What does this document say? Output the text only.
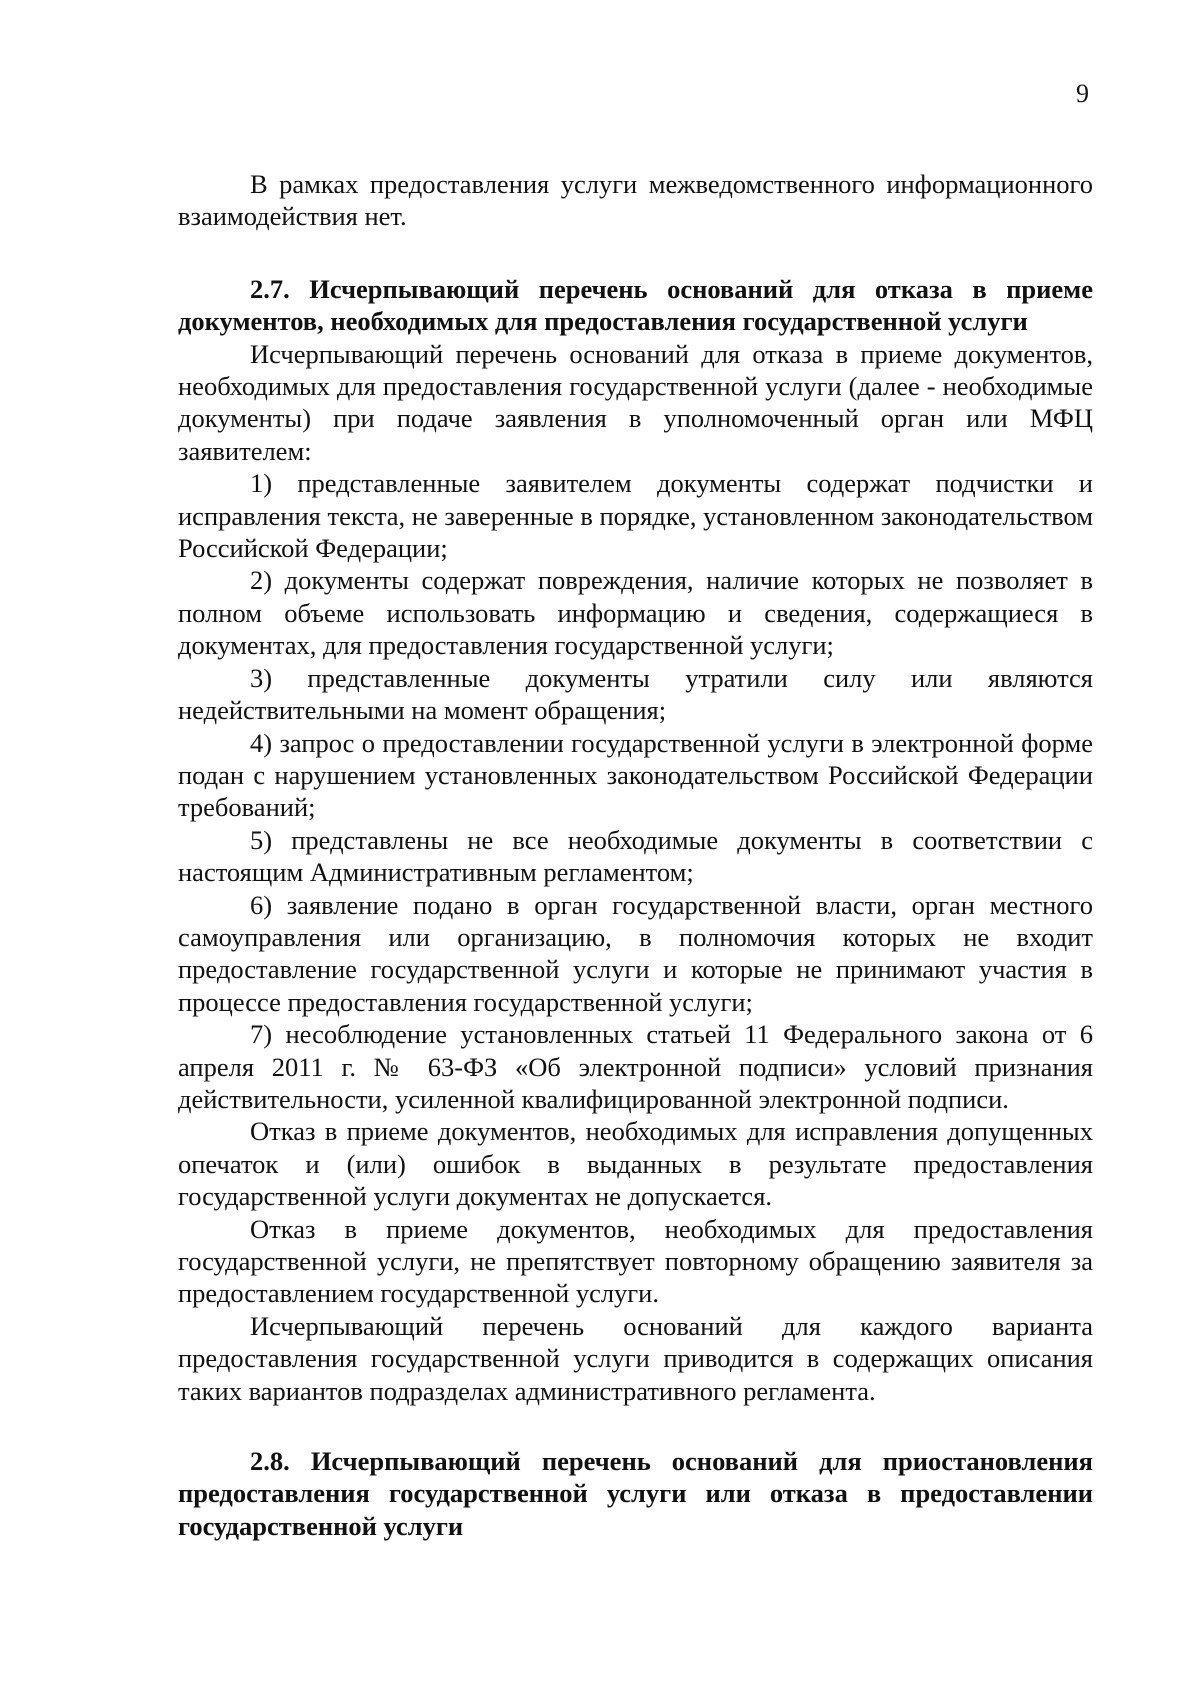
9

В рамках предоставления услуги межведомственного информационного взаимодействия нет.

2.7. Исчерпывающий перечень оснований для отказа в приеме документов, необходимых для предоставления государственной услуги

Исчерпывающий перечень оснований для отказа в приеме документов, необходимых для предоставления государственной услуги (далее - необходимые документы) при подаче заявления в уполномоченный орган или МФЦ заявителем:

1) представленные заявителем документы содержат подчистки и исправления текста, не заверенные в порядке, установленном законодательством Российской Федерации;

2) документы содержат повреждения, наличие которых не позволяет в полном объеме использовать информацию и сведения, содержащиеся в документах, для предоставления государственной услуги;

3) представленные документы утратили силу или являются недействительными на момент обращения;

4) запрос о предоставлении государственной услуги в электронной форме подан с нарушением установленных законодательством Российской Федерации требований;

5) представлены не все необходимые документы в соответствии с настоящим Административным регламентом;

6) заявление подано в орган государственной власти, орган местного самоуправления или организацию, в полномочия которых не входит предоставление государственной услуги и которые не принимают участия в процессе предоставления государственной услуги;

7) несоблюдение установленных статьей 11 Федерального закона от 6 апреля 2011 г. № 63-ФЗ «Об электронной подписи» условий признания действительности, усиленной квалифицированной электронной подписи.

Отказ в приеме документов, необходимых для исправления допущенных опечаток и (или) ошибок в выданных в результате предоставления государственной услуги документах не допускается.

Отказ в приеме документов, необходимых для предоставления государственной услуги, не препятствует повторному обращению заявителя за предоставлением государственной услуги.

Исчерпывающий перечень оснований для каждого варианта предоставления государственной услуги приводится в содержащих описания таких вариантов подразделах административного регламента.

2.8. Исчерпывающий перечень оснований для приостановления предоставления государственной услуги или отказа в предоставлении государственной услуги
